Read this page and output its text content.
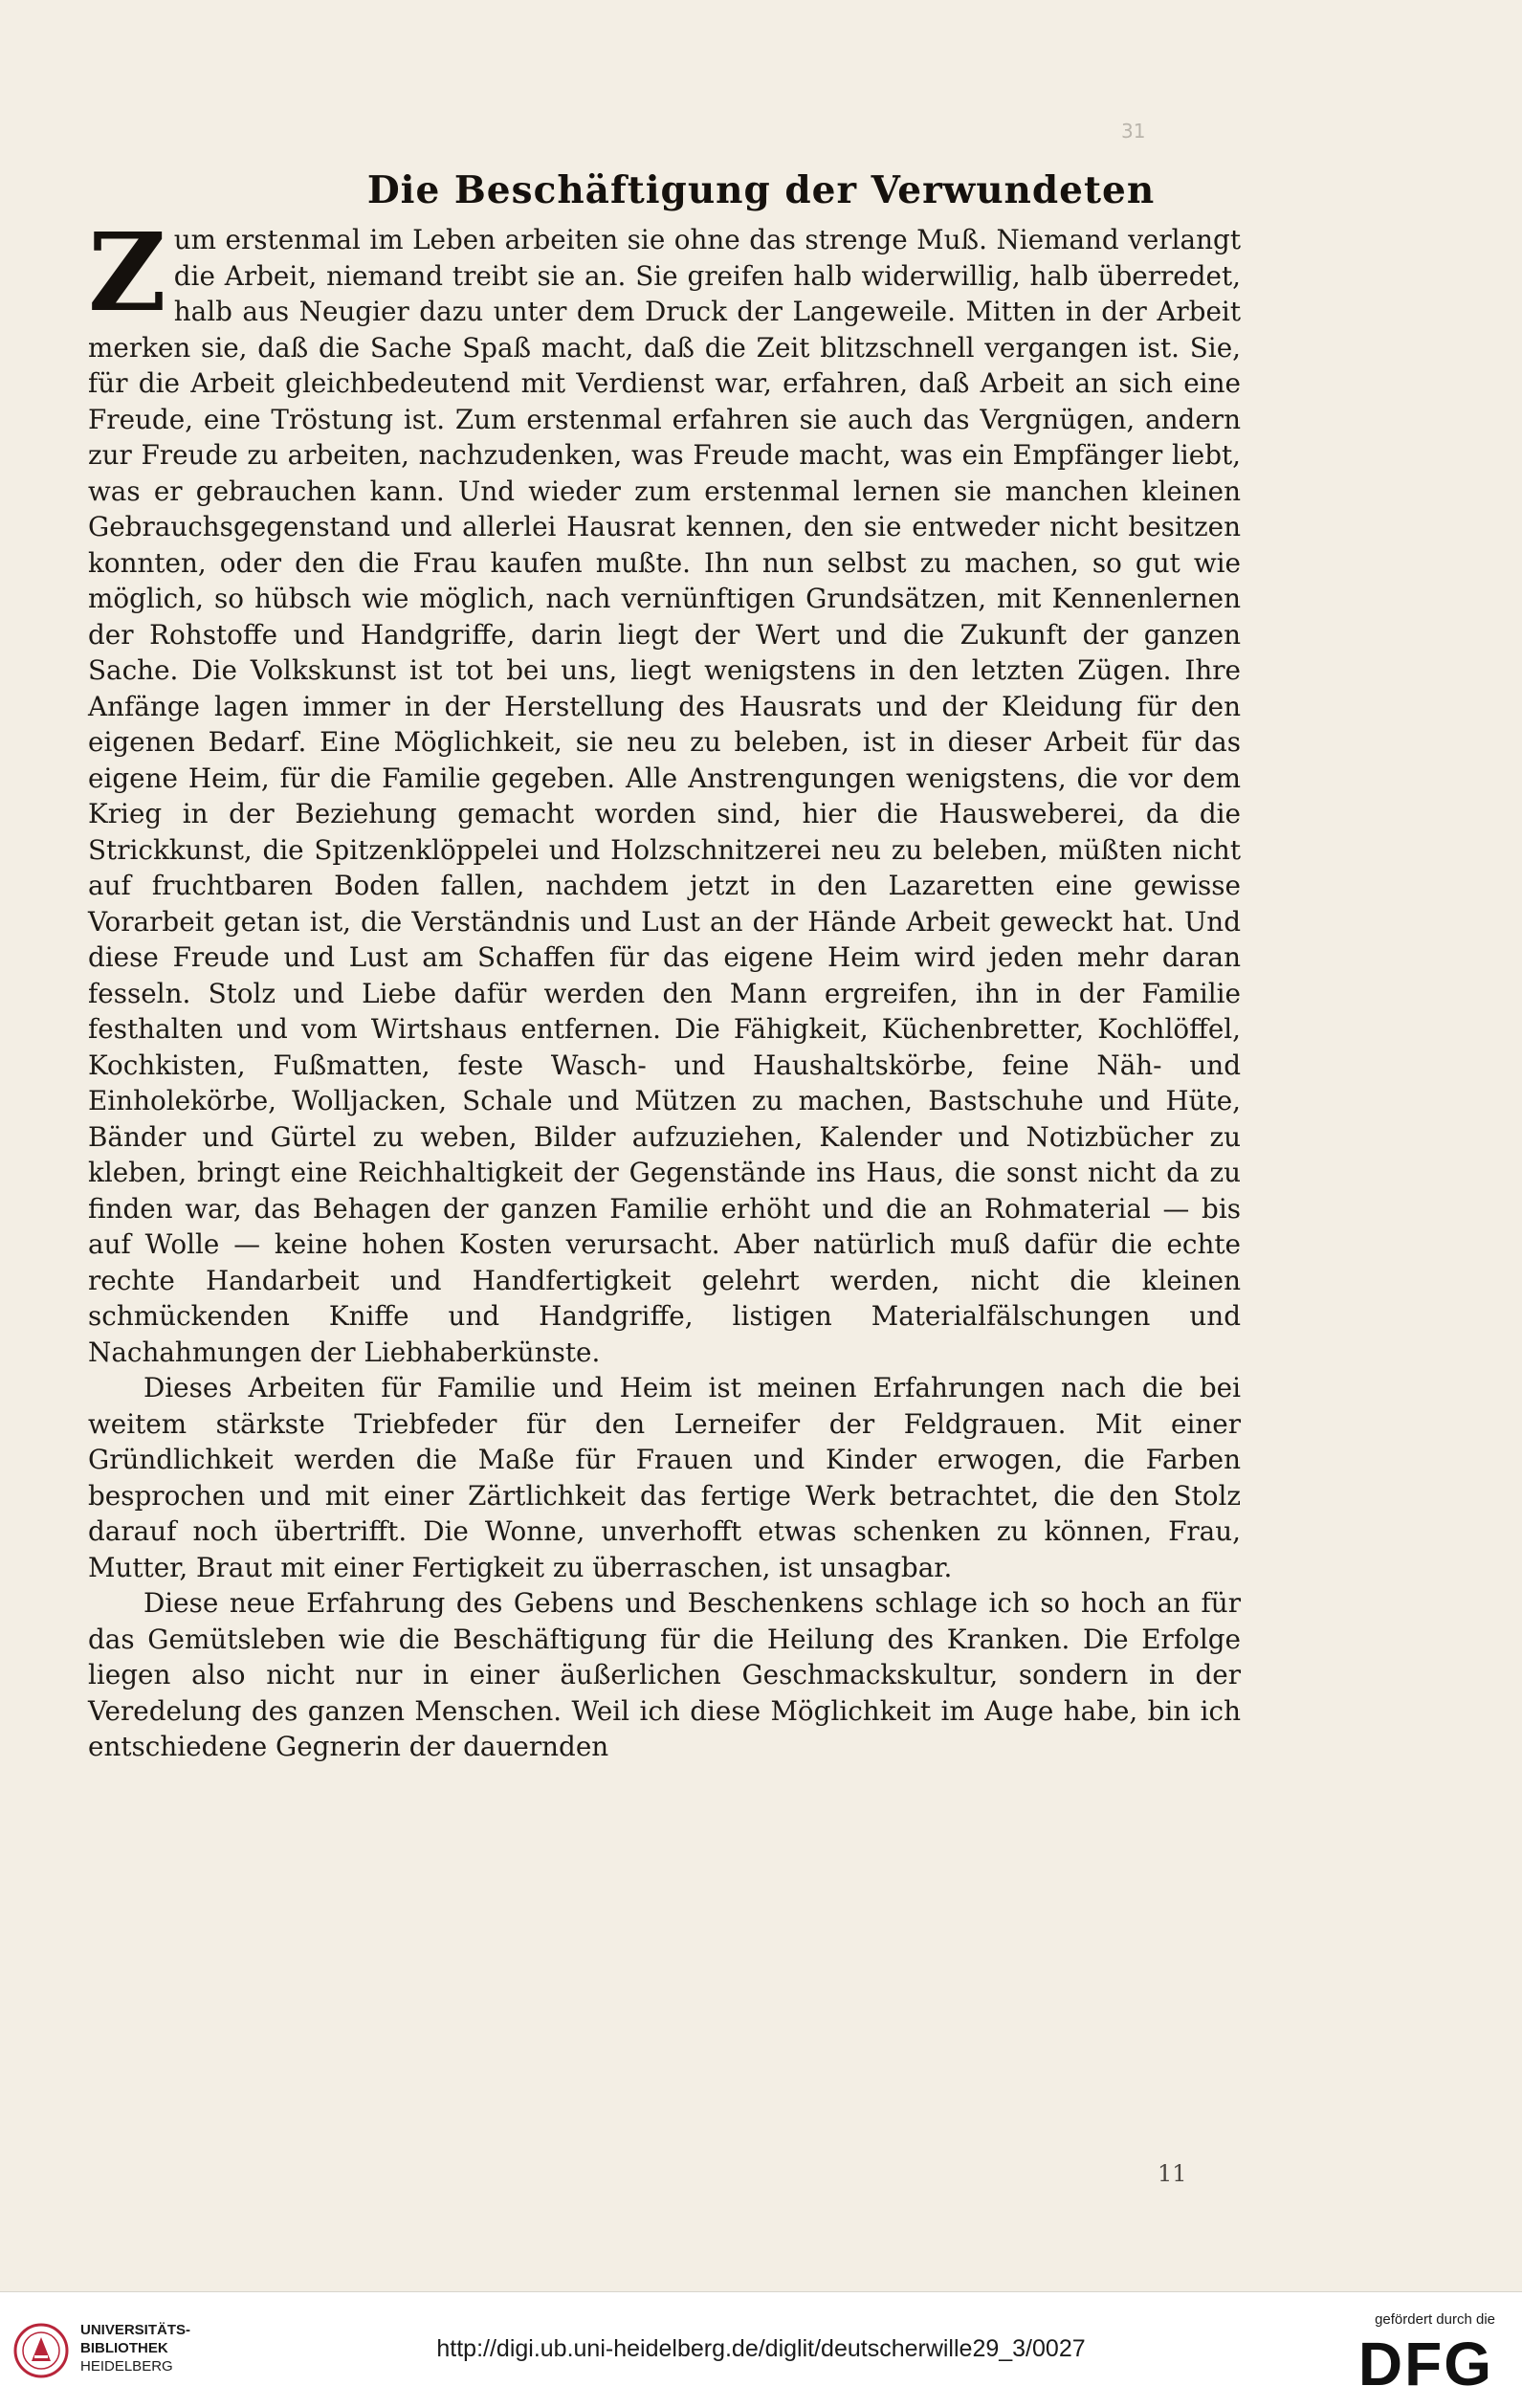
31
Die Beschäftigung der Verwundeten

Zum erstenmal im Leben arbeiten sie ohne das strenge Muß. Niemand verlangt die Arbeit, niemand treibt sie an. Sie greifen halb widerwillig, halb überredet, halb aus Neugier dazu unter dem Druck der Langeweile. Mitten in der Arbeit merken sie, daß die Sache Spaß macht, daß die Zeit blitzschnell vergangen ist. Sie, für die Arbeit gleichbedeutend mit Verdienst war, erfahren, daß Arbeit an sich eine Freude, eine Tröstung ist. Zum erstenmal erfahren sie auch das Vergnügen, andern zur Freude zu arbeiten, nachzudenken, was Freude macht, was ein Empfänger liebt, was er gebrauchen kann. Und wieder zum erstenmal lernen sie manchen kleinen Gebrauchsgegenstand und allerlei Hausrat kennen, den sie entweder nicht besitzen konnten, oder den die Frau kaufen mußte. Ihn nun selbst zu machen, so gut wie möglich, so hübsch wie möglich, nach vernünftigen Grundsätzen, mit Kennenlernen der Rohstoffe und Handgriffe, darin liegt der Wert und die Zukunft der ganzen Sache. Die Volkskunst ist tot bei uns, liegt wenigstens in den letzten Zügen. Ihre Anfänge lagen immer in der Herstellung des Hausrats und der Kleidung für den eigenen Bedarf. Eine Möglichkeit, sie neu zu beleben, ist in dieser Arbeit für das eigene Heim, für die Familie gegeben. Alle Anstrengungen wenigstens, die vor dem Krieg in der Beziehung gemacht worden sind, hier die Hausweberei, da die Strickkunst, die Spitzenklöppelei und Holzschnitzerei neu zu beleben, müßten nicht auf fruchtbaren Boden fallen, nachdem jetzt in den Lazaretten eine gewisse Vorarbeit getan ist, die Verständnis und Lust an der Hände Arbeit geweckt hat. Und diese Freude und Lust am Schaffen für das eigene Heim wird jeden mehr daran fesseln. Stolz und Liebe dafür werden den Mann ergreifen, ihn in der Familie festhalten und vom Wirtshaus entfernen. Die Fähigkeit, Küchenbretter, Kochlöffel, Kochkisten, Fußmatten, feste Wasch- und Haushaltskörbe, feine Näh- und Einholekörbe, Wolljacken, Schale und Mützen zu machen, Bastschuhe und Hüte, Bänder und Gürtel zu weben, Bilder aufzuziehen, Kalender und Notizbücher zu kleben, bringt eine Reichhaltigkeit der Gegenstände ins Haus, die sonst nicht da zu finden war, das Behagen der ganzen Familie erhöht und die an Rohmaterial — bis auf Wolle — keine hohen Kosten verursacht. Aber natürlich muß dafür die echte rechte Handarbeit und Handfertigkeit gelehrt werden, nicht die kleinen schmückenden Kniffe und Handgriffe, listigen Materialfälschungen und Nachahmungen der Liebhaberkünste.

Dieses Arbeiten für Familie und Heim ist meinen Erfahrungen nach die bei weitem stärkste Triebfeder für den Lerneifer der Feldgrauen. Mit einer Gründlichkeit werden die Maße für Frauen und Kinder erwogen, die Farben besprochen und mit einer Zärtlichkeit das fertige Werk betrachtet, die den Stolz darauf noch übertrifft. Die Wonne, unverhofft etwas schenken zu können, Frau, Mutter, Braut mit einer Fertigkeit zu überraschen, ist unsagbar.

Diese neue Erfahrung des Gebens und Beschenkens schlage ich so hoch an für das Gemütsleben wie die Beschäftigung für die Heilung des Kranken. Die Erfolge liegen also nicht nur in einer äußerlichen Geschmackskultur, sondern in der Veredelung des ganzen Menschen. Weil ich diese Möglichkeit im Auge habe, bin ich entschiedene Gegnerin der dauernden

11
UNIVERSITÄTS-
BIBLIOTHEK
HEIDELBERG
http://digi.ub.uni-heidelberg.de/diglit/deutscherwille29_3/0027
gefördert durch die
DFG
